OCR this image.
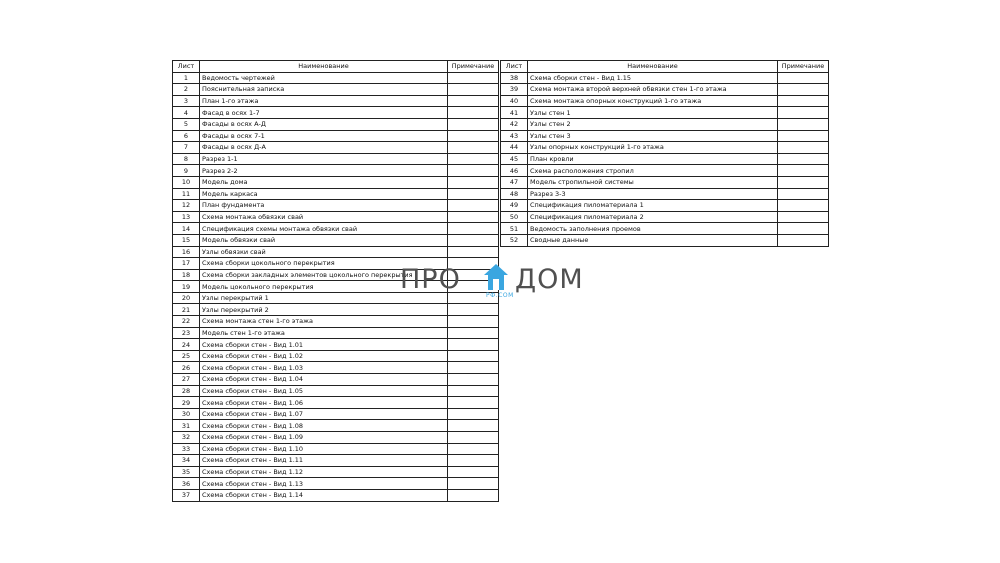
Лист	Наименование	Примечание
1	Ведомость чертежей	
2	Пояснительная записка	
3	План 1-го этажа	
4	Фасад в осях 1-7	
5	Фасады в осях А-Д	
6	Фасады в осях 7-1	
7	Фасады в осях Д-А	
8	Разрез 1-1	
9	Разрез 2-2	
10	Модель дома	
11	Модель каркаса	
12	План фундамента	
13	Схема монтажа обвязки свай	
14	Спецификация схемы монтажа обвязки свай	
15	Модель обвязки свай	
16	Узлы обвязки свай	
17	Схема сборки цокольного перекрытия	
18	Схема сборки закладных элементов цокольного перекрытия	
19	Модель цокольного перекрытия	
20	Узлы перекрытий 1	
21	Узлы перекрытий 2	
22	Схема монтажа стен 1-го этажа	
23	Модель стен 1-го этажа	
24	Схема сборки стен - Вид 1.01	
25	Схема сборки стен - Вид 1.02	
26	Схема сборки стен - Вид 1.03	
27	Схема сборки стен - Вид 1.04	
28	Схема сборки стен - Вид 1.05	
29	Схема сборки стен - Вид 1.06	
30	Схема сборки стен - Вид 1.07	
31	Схема сборки стен - Вид 1.08	
32	Схема сборки стен - Вид 1.09	
33	Схема сборки стен - Вид 1.10	
34	Схема сборки стен - Вид 1.11	
35	Схема сборки стен - Вид 1.12	
36	Схема сборки стен - Вид 1.13	
37	Схема сборки стен - Вид 1.14	
Лист	Наименование	Примечание
38	Схема сборки стен - Вид 1.15	
39	Схема монтажа второй верхней обвязки стен 1-го этажа	
40	Схема монтажа опорных конструкций 1-го этажа	
41	Узлы стен 1	
42	Узлы стен 2	
43	Узлы стен 3	
44	Узлы опорных конструкций 1-го этажа	
45	План кровли	
46	Схема расположения стропил	
47	Модель стропильной системы	
48	Разрез 3-3	
49	Спецификация пиломатериала 1	
50	Спецификация пиломатериала 2	
51	Ведомость заполнения проемов	
52	Сводные данные	
ПРО ДОМ
РФ.COM
